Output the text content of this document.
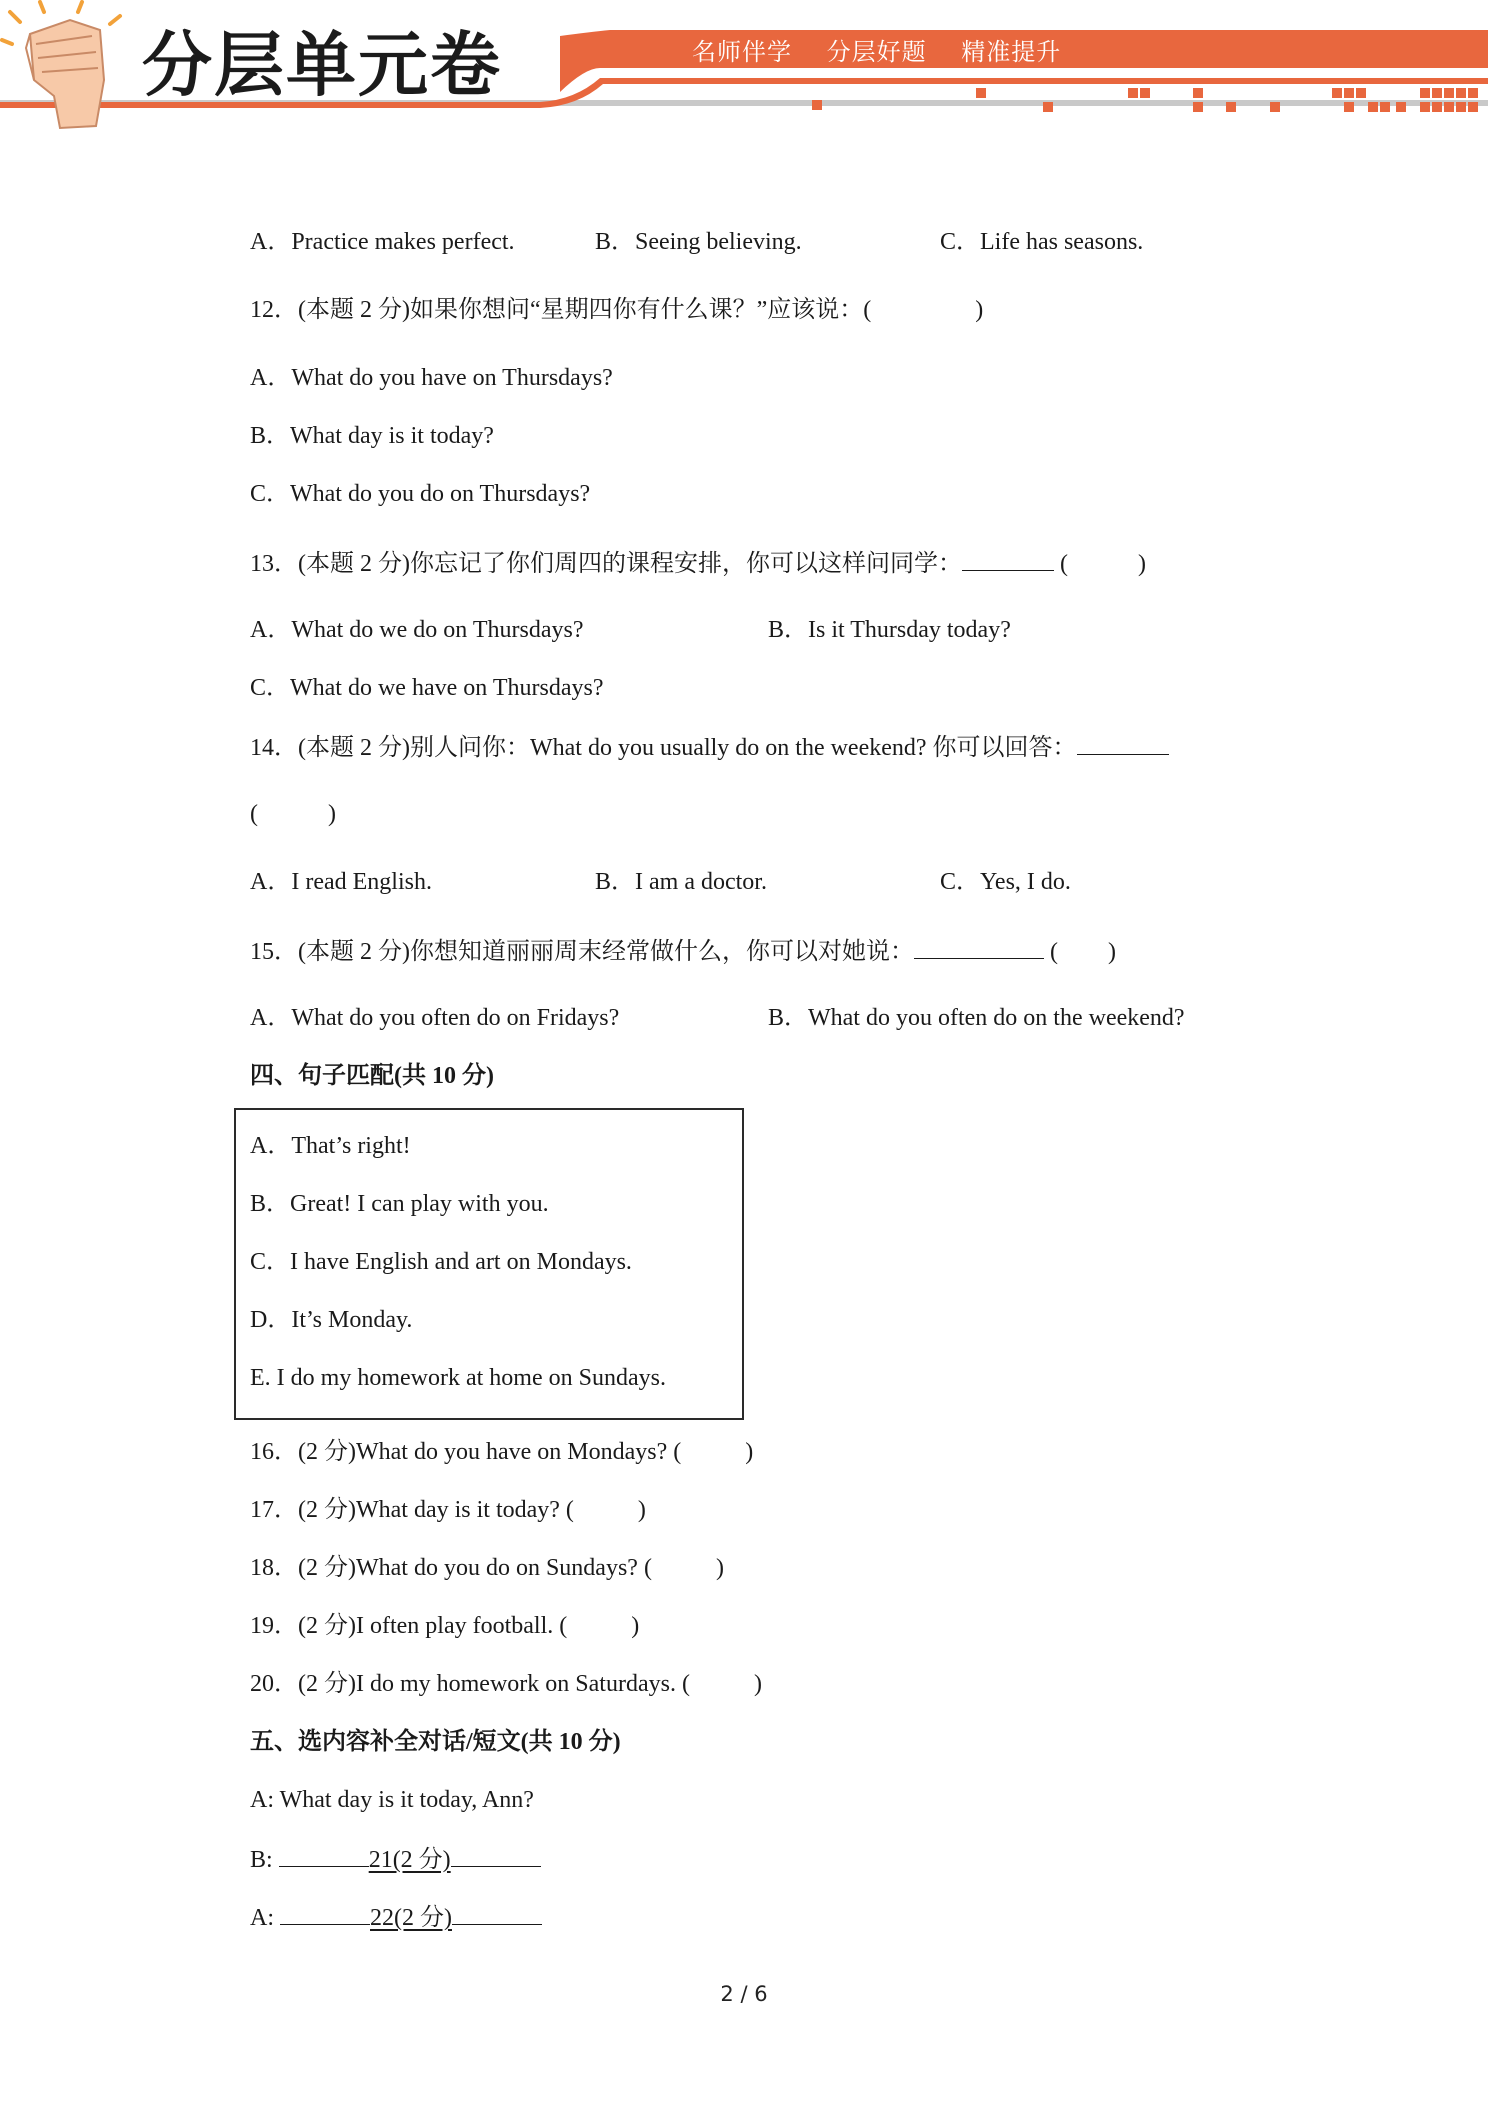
分层单元卷	名师伴学 分层好题 精准提升
A．Practice makes perfect.	B．Seeing believing.	C．Life has seasons.
12．(本题 2 分)如果你想问“星期四你有什么课？”应该说：(	)
A．What do you have on Thursdays?
B．What day is it today?
C．What do you do on Thursdays?
13．(本题 2 分)你忘记了你们周四的课程安排，你可以这样问同学：	(	)
A．What do we do on Thursdays?	B．Is it Thursday today?
C．What do we have on Thursdays?
14．(本题 2 分)别人问你：What do you usually do on the weekend? 你可以回答：
(	)
A．I read English.	B．I am a doctor.	C．Yes, I do.
15．(本题 2 分)你想知道丽丽周末经常做什么，你可以对她说：	( )
A．What do you often do on Fridays?	B．What do you often do on the weekend?
四、句子匹配(共 10 分)
A．That’s right!
B．Great! I can play with you.
C．I have English and art on Mondays.
D．It’s Monday.
E. I do my homework at home on Sundays.
16．(2 分)What do you have on Mondays? (	)
17．(2 分)What day is it today? (	)
18．(2 分)What do you do on Sundays? (	)
19．(2 分)I often play football. (	)
20．(2 分)I do my homework on Saturdays. (	)
五、选内容补全对话/短文(共 10 分)
A: What day is it today, Ann?
B:	21(2 分)
A:	22(2 分)
2 / 6
